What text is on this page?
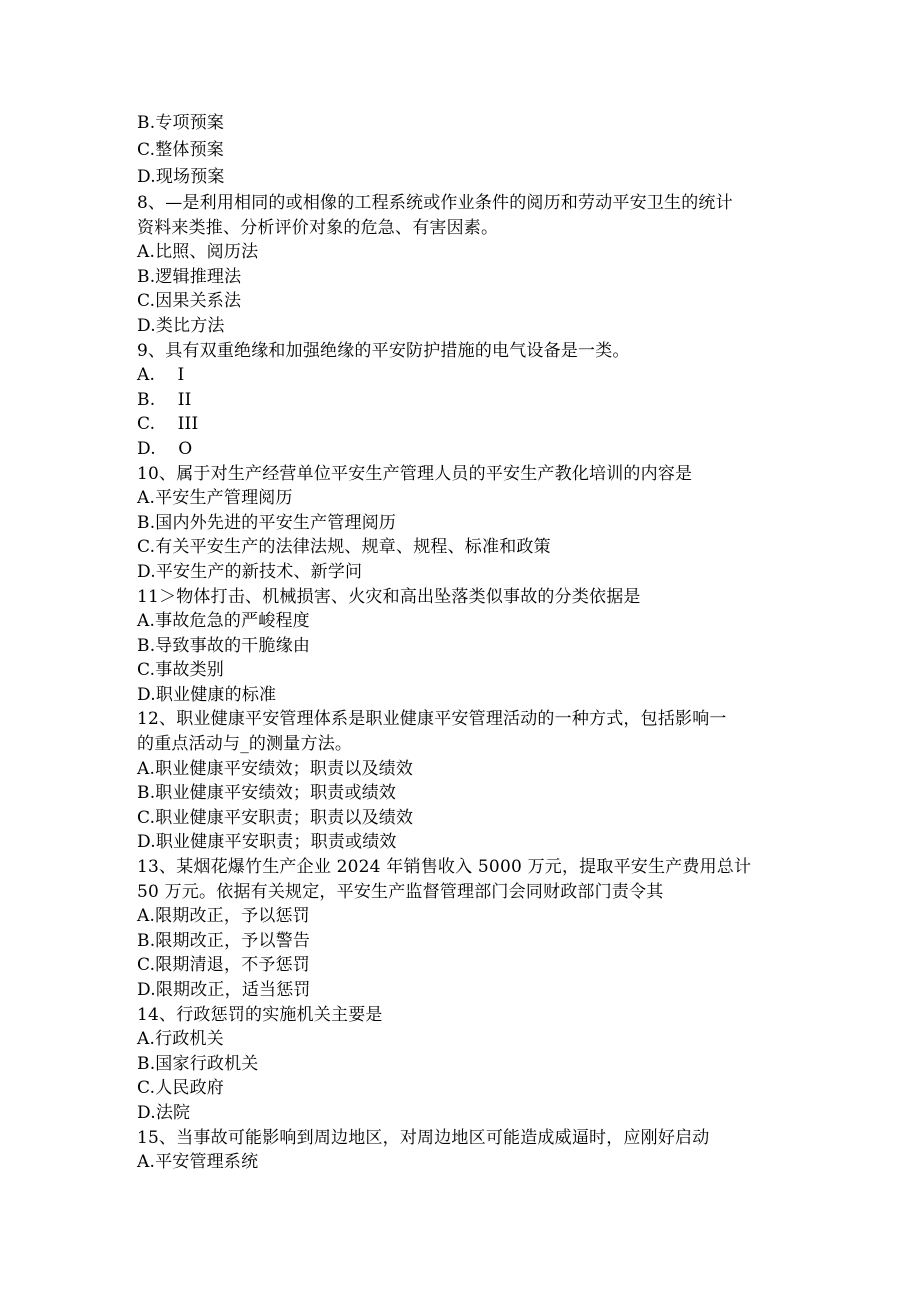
B.专项预案
C.整体预案
D.现场预案
8、—是利用相同的或相像的工程系统或作业条件的阅历和劳动平安卫生的统计
资料来类推、分析评价对象的危急、有害因素。
A.比照、阅历法
B.逻辑推理法
C.因果关系法
D.类比方法
9、具有双重绝缘和加强绝缘的平安防护措施的电气设备是一类。
A.    I
B.    II
C.    III
D.    O
10、属于对生产经营单位平安生产管理人员的平安生产教化培训的内容是
A.平安生产管理阅历
B.国内外先进的平安生产管理阅历
C.有关平安生产的法律法规、规章、规程、标准和政策
D.平安生产的新技术、新学问
11＞物体打击、机械损害、火灾和高出坠落类似事故的分类依据是
A.事故危急的严峻程度
B.导致事故的干脆缘由
C.事故类别
D.职业健康的标准
12、职业健康平安管理体系是职业健康平安管理活动的一种方式，包括影响一
的重点活动与_的测量方法。
A.职业健康平安绩效；职责以及绩效
B.职业健康平安绩效；职责或绩效
C.职业健康平安职责；职责以及绩效
D.职业健康平安职责；职责或绩效
13、某烟花爆竹生产企业 2024 年销售收入 5000 万元，提取平安生产费用总计
50 万元。依据有关规定，平安生产监督管理部门会同财政部门责令其
A.限期改正，予以惩罚
B.限期改正，予以警告
C.限期清退，不予惩罚
D.限期改正，适当惩罚
14、行政惩罚的实施机关主要是
A.行政机关
B.国家行政机关
C.人民政府
D.法院
15、当事故可能影响到周边地区，对周边地区可能造成威逼时，应刚好启动
A.平安管理系统
